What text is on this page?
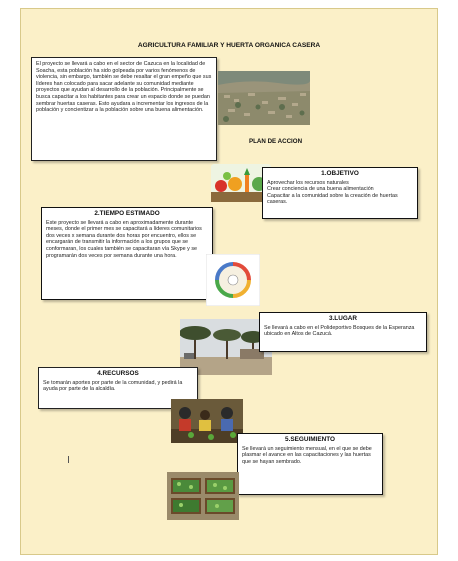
AGRICULTURA FAMILIAR Y HUERTA ORGANICA CASERA
El proyecto se llevará a cabo en el sector de Cazuca en la localidad de Soacha, esta población ha sido golpeada por varios fenómenos de violencia, sin embargo, también se debe resaltar el gran empeño que sus líderes han colocado para sacar adelante su comunidad mediante proyectos que ayudan al desarrollo de la población. Principalmente se busca capacitar a los habitantes para crear un espacio donde se puedan sembrar huertas caseras. Esto ayudara a incrementar los ingresos de la población y concientizar a la población sobre una buena alimentación.
PLAN DE ACCION
1.OBJETIVO
Aprovechar los recursos naturales
Crear conciencia de una buena alimentación
Capacitar a la comunidad sobre la creación de huertas caseras.
2.TIEMPO ESTIMADO
Este proyecto se llevará a cabo en aproximadamente durante meses, donde el primer mes se capacitará a líderes comunitarios dos veces x semana durante dos horas por encuentro, ellos se encargarán de transmitir la información a los grupos que se conformaran, los cuales también se capacitaran vía Skype y se programarán dos veces por semana durante una hora.
3.LUGAR
Se llevará a cabo en el Polideportivo Bosques de la Esperanza ubicado en Altos de Cazucá.
4.RECURSOS
Se tomarán aportes por parte de la comunidad, y pedirá la ayuda por parte de la alcaldía.
5.SEGUIMIENTO
Se llevará un seguimiento mensual, en el que se debe plasmar el avance en las capacitaciones y las huertas que se hayan sembrado.
